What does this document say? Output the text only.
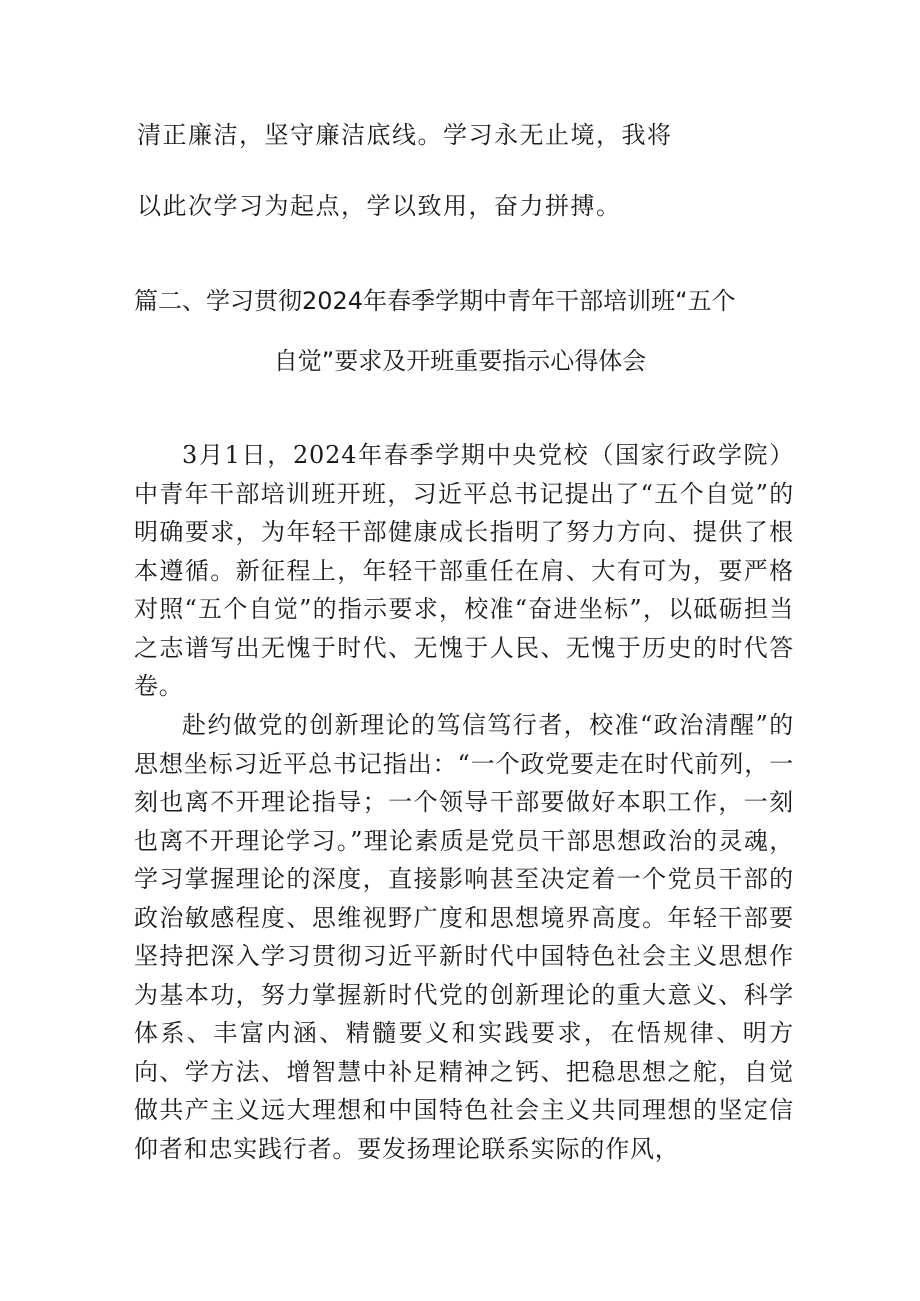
清正廉洁，坚守廉洁底线。学习永无止境，我将
以此次学习为起点，学以致用，奋力拼搏。
篇二、学习贯彻2024年春季学期中青年干部培训班“五个
自觉”要求及开班重要指示心得体会

3月1日，2024年春季学期中央党校（国家行政学院）中青年干部培训班开班，习近平总书记提出了“五个自觉”的明确要求，为年轻干部健康成长指明了努力方向、提供了根本遵循。新征程上，年轻干部重任在肩、大有可为，要严格对照“五个自觉”的指示要求，校准“奋进坐标”，以砥砺担当之志谱写出无愧于时代、无愧于人民、无愧于历史的时代答卷。

赴约做党的创新理论的笃信笃行者，校准“政治清醒”的思想坐标习近平总书记指出：“一个政党要走在时代前列，一刻也离不开理论指导；一个领导干部要做好本职工作，一刻也离不开理论学习。”理论素质是党员干部思想政治的灵魂，学习掌握理论的深度，直接影响甚至决定着一个党员干部的政治敏感程度、思维视野广度和思想境界高度。年轻干部要坚持把深入学习贯彻习近平新时代中国特色社会主义思想作为基本功，努力掌握新时代党的创新理论的重大意义、科学体系、丰富内涵、精髓要义和实践要求，在悟规律、明方向、学方法、增智慧中补足精神之钙、把稳思想之舵，自觉做共产主义远大理想和中国特色社会主义共同理想的坚定信仰者和忠实践行者。要发扬理论联系实际的作风，
